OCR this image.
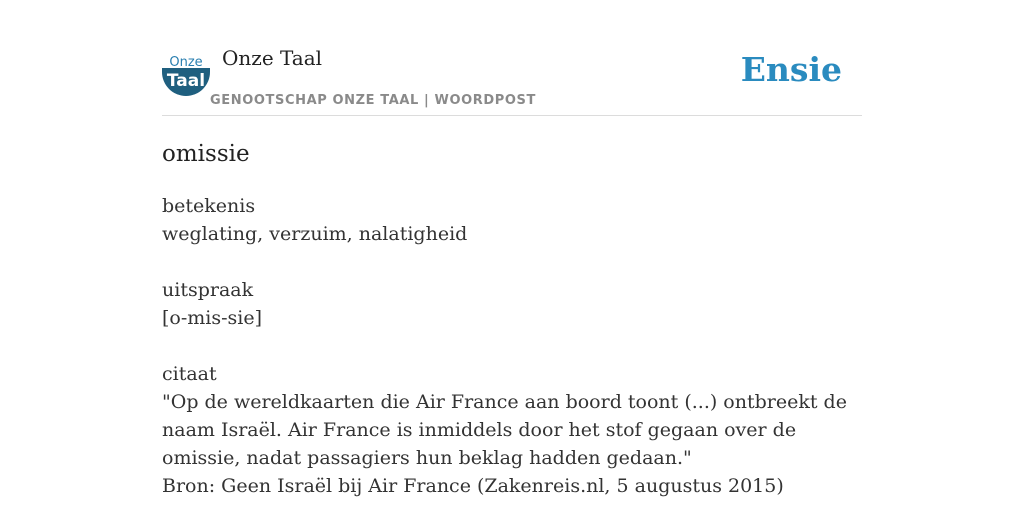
Onze
Taal
Onze Taal
GENOOTSCHAP ONZE TAAL | WOORDPOST
Ensie
omissie

betekenis

weglating, verzuim, nalatigheid

uitspraak

[o-mis-sie]

citaat

"Op de wereldkaarten die Air France aan boord toont (...) ontbreekt de naam Israël. Air France is inmiddels door het stof gegaan over de omissie, nadat passagiers hun beklag hadden gedaan."

Bron: Geen Israël bij Air France (Zakenreis.nl, 5 augustus 2015)
